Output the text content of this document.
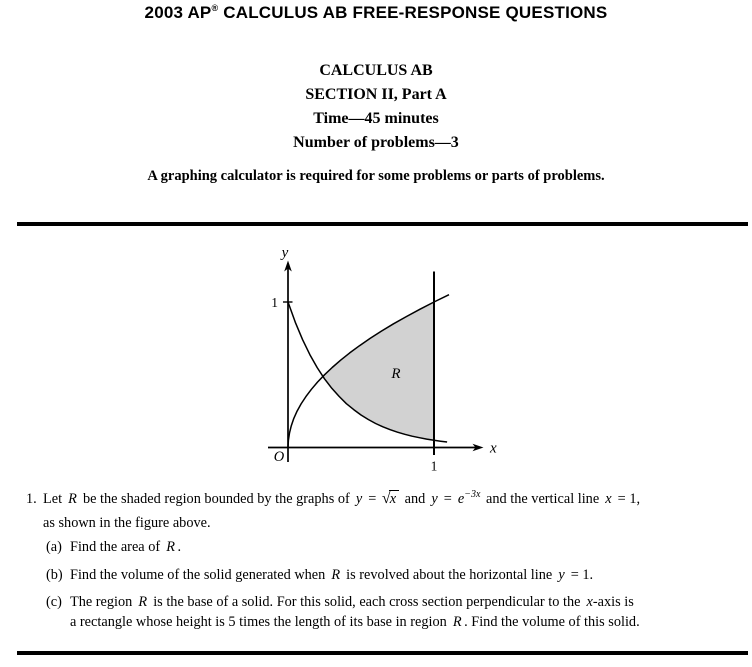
2003 AP® CALCULUS AB FREE-RESPONSE QUESTIONS
CALCULUS AB
SECTION II, Part A
Time—45 minutes
Number of problems—3
A graphing calculator is required for some problems or parts of problems.
y
x
O
1
1
R
1. Let R be the shaded region bounded by the graphs of y = √x and $y = e^{-3x}$ and the vertical line x = 1,
as shown in the figure above.
(a) Find the area of R .
(b) Find the volume of the solid generated when R is revolved about the horizontal line y = 1.
(c) The region R is the base of a solid. For this solid, each cross section perpendicular to the x-axis is
a rectangle whose height is 5 times the length of its base in region R . Find the volume of this solid.
